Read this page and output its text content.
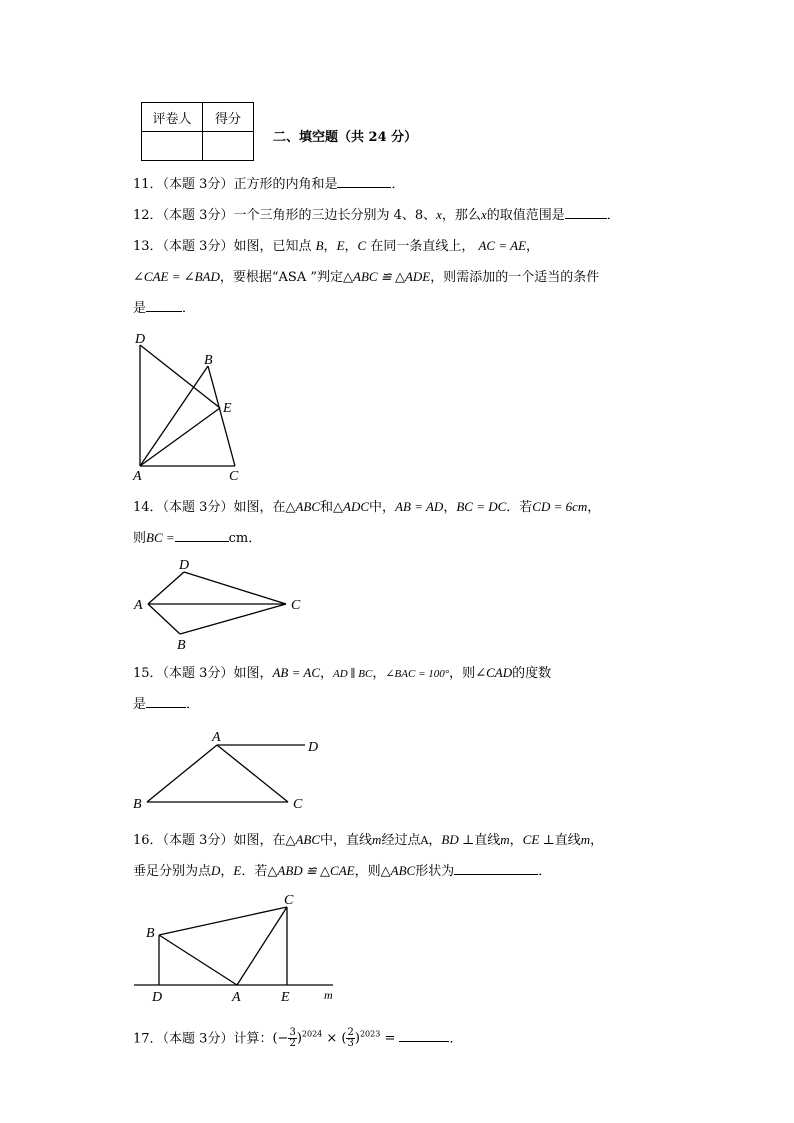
评卷人	得分

二、填空题（共 24 分）
11．（本题 3分）正方形的内角和是	．
12．（本题 3分）一个三角形的三边长分别为 4、8、x，那么x的取值范围是	．
13．（本题 3分）如图，已知点 B，E，C 在同一条直线上， AC = AE，
∠CAE = ∠BAD，要根据“ASA ”判定△ABC ≌ △ADE，则需添加的一个适当的条件
是	．
D
B
E
A	C
14．（本题 3分）如图，在△ABC和△ADC中，AB = AD，BC = DC．若CD = 6cm，
则BC =	cm．
D
A	C
B
15．（本题 3分）如图，AB = AC，AD ∥ BC，∠BAC = 100°，则∠CAD的度数
是	．
A
D
B	C
16．（本题 3分）如图，在△ABC中，直线m经过点A，BD ⊥直线m，CE ⊥直线m，
垂足分别为点D，E．若△ABD ≌ △CAE，则△ABC形状为	．
B
C
D	A	E	m
17．（本题 3分）计算：(− $\frac{3}{2} )^{2024}$ × ( $\frac{2}{3} )^{2023}$ =	．
